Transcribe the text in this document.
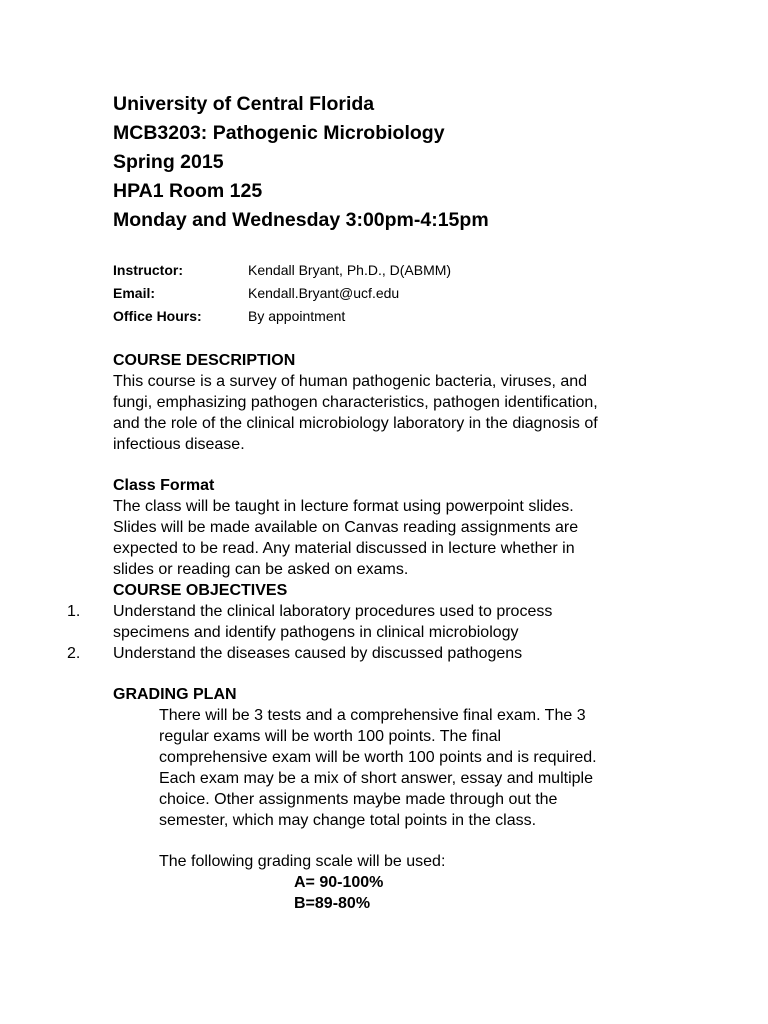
University of Central Florida
MCB3203: Pathogenic Microbiology
Spring 2015
HPA1 Room 125
Monday and Wednesday 3:00pm-4:15pm
Instructor:	Kendall Bryant, Ph.D., D(ABMM)
Email:	Kendall.Bryant@ucf.edu
Office Hours:	By appointment
COURSE DESCRIPTION
This course is a survey of human pathogenic bacteria, viruses, and
fungi, emphasizing pathogen characteristics, pathogen identification,
and the role of the clinical microbiology laboratory in the diagnosis of
infectious disease.
Class Format
The class will be taught in lecture format using powerpoint slides.
Slides will be made available on Canvas reading assignments are
expected to be read. Any material discussed in lecture whether in
slides or reading can be asked on exams.
COURSE OBJECTIVES
1. Understand the clinical laboratory procedures used to process
specimens and identify pathogens in clinical microbiology
2. Understand the diseases caused by discussed pathogens
GRADING PLAN
There will be 3 tests and a comprehensive final exam. The 3
regular exams will be worth 100 points. The final
comprehensive exam will be worth 100 points and is required.
Each exam may be a mix of short answer, essay and multiple
choice. Other assignments maybe made through out the
semester, which may change total points in the class.
The following grading scale will be used:
A= 90-100%
B=89-80%
